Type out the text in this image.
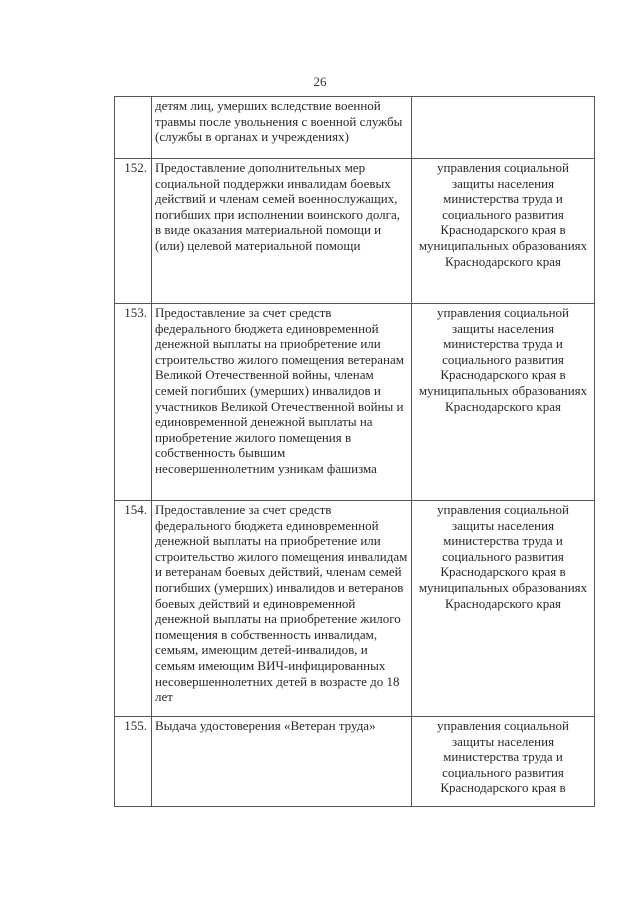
26
	детям лиц, умерших вследствие военной травмы после увольнения с военной службы (службы в органах и учреждениях)	
152.	Предоставление дополнительных мер социальной поддержки инвалидам боевых действий и членам семей военнослужащих, погибших при исполнении воинского долга, в виде оказания материальной помощи и (или) целевой материальной помощи	управления социальной защиты населения министерства труда и социального развития Краснодарского края в муниципальных образованиях Краснодарского края
153.	Предоставление за счет средств федерального бюджета единовременной денежной выплаты на приобретение или строительство жилого помещения ветеранам Великой Отечественной войны, членам семей погибших (умерших) инвалидов и участников Великой Отечественной войны и единовременной денежной выплаты на приобретение жилого помещения в собственность бывшим несовершеннолетним узникам фашизма	управления социальной защиты населения министерства труда и социального развития Краснодарского края в муниципальных образованиях Краснодарского края
154.	Предоставление за счет средств федерального бюджета единовременной денежной выплаты на приобретение или строительство жилого помещения инвалидам и ветеранам боевых действий, членам семей погибших (умерших) инвалидов и ветеранов боевых действий и единовременной денежной выплаты на приобретение жилого помещения в собственность инвалидам, семьям, имеющим детей-инвалидов, и семьям имеющим ВИЧ-инфицированных несовершеннолетних детей в возрасте до 18 лет	управления социальной защиты населения министерства труда и социального развития Краснодарского края в муниципальных образованиях Краснодарского края
155.	Выдача удостоверения «Ветеран труда»	управления социальной защиты населения министерства труда и социального развития Краснодарского края в
